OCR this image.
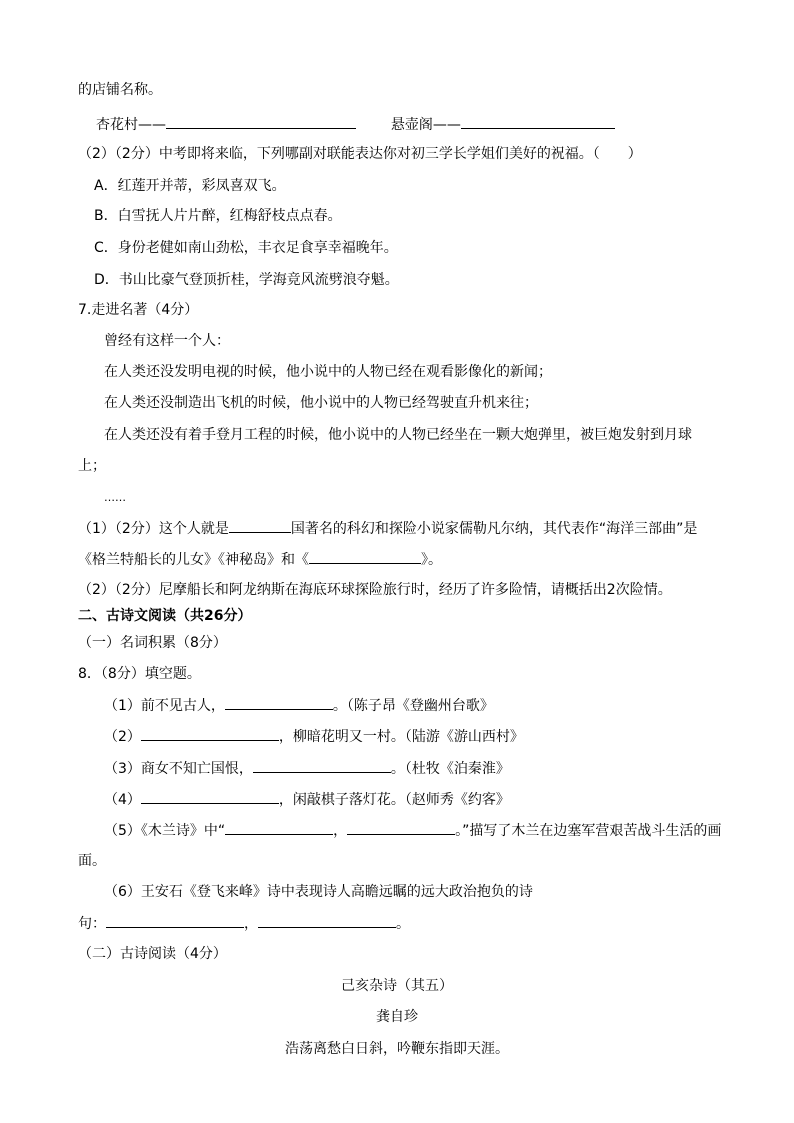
的店铺名称。
杏花村——	悬壶阁——
（2）（2分）中考即将来临，下列哪副对联能表达你对初三学长学姐们美好的祝福。（　　）
A．红莲开并蒂，彩凤喜双飞。
B．白雪抚人片片醉，红梅舒枝点点春。
C．身份老健如南山劲松，丰衣足食享幸福晚年。
D．书山比豪气登顶折桂，学海竞风流劈浪夺魁。
7.走进名著（4分）
曾经有这样一个人：
在人类还没发明电视的时候，他小说中的人物已经在观看影像化的新闻；
在人类还没制造出飞机的时候，他小说中的人物已经驾驶直升机来往；
在人类还没有着手登月工程的时候，他小说中的人物已经坐在一颗大炮弹里，被巨炮发射到月球
上；
……
（1）（2分）这个人就是	国著名的科幻和探险小说家儒勒凡尔纳，其代表作“海洋三部曲”是
《格兰特船长的儿女》《神秘岛》和《	》。
（2）（2分）尼摩船长和阿龙纳斯在海底环球探险旅行时，经历了许多险情，请概括出2次险情。
二、古诗文阅读（共26分）
（一）名词积累（8分）
8．（8分）填空题。
（1）前不见古人，	。（陈子昂《登幽州台歌》
（2）	，柳暗花明又一村。（陆游《游山西村》
（3）商女不知亡国恨，	。（杜牧《泊秦淮》
（4）	，闲敲棋子落灯花。（赵师秀《约客》
（5）《木兰诗》中“	，	。”描写了木兰在边塞军营艰苦战斗生活的画
面。
（6）王安石《登飞来峰》诗中表现诗人高瞻远瞩的远大政治抱负的诗
句：	，	。
（二）古诗阅读（4分）
己亥杂诗（其五）
龚自珍
浩荡离愁白日斜，吟鞭东指即天涯。
